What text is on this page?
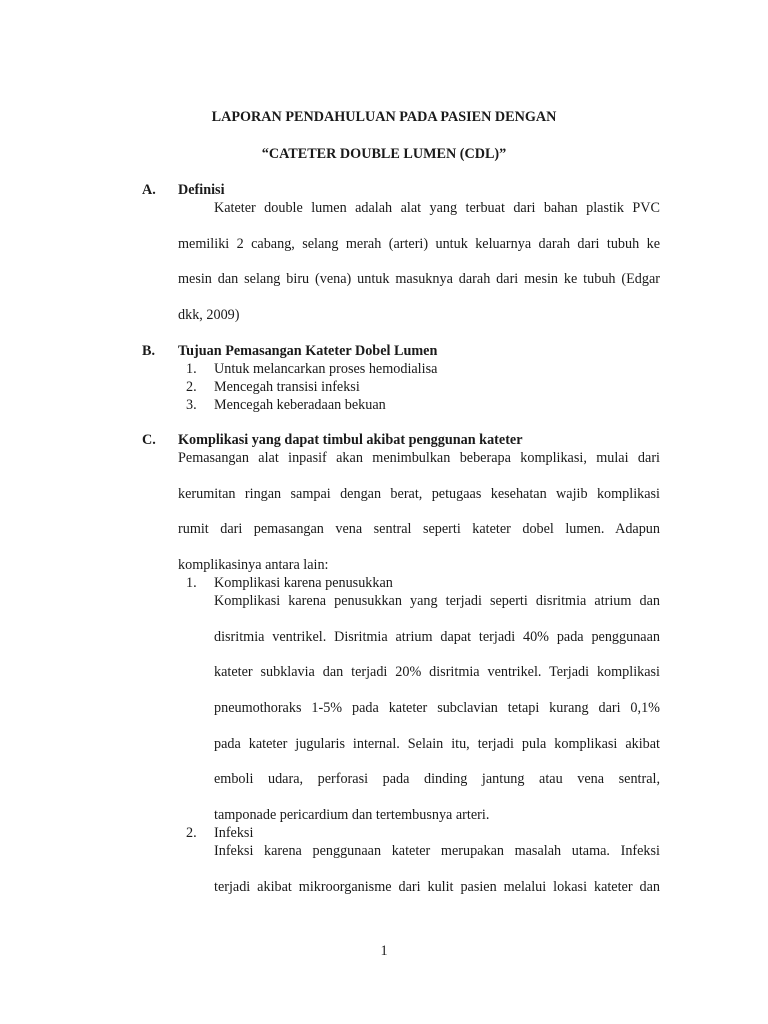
LAPORAN PENDAHULUAN PADA PASIEN DENGAN
“CATETER DOUBLE LUMEN (CDL)”
A. Definisi
Kateter double lumen adalah alat yang terbuat dari bahan plastik PVC
memiliki 2 cabang, selang merah (arteri) untuk keluarnya darah dari tubuh ke
mesin dan selang biru (vena) untuk masuknya darah dari mesin ke tubuh (Edgar
dkk, 2009)
B. Tujuan Pemasangan Kateter Dobel Lumen
1. Untuk melancarkan proses hemodialisa
2. Mencegah transisi infeksi
3. Mencegah keberadaan bekuan
C. Komplikasi yang dapat timbul akibat penggunan kateter
Pemasangan alat inpasif akan menimbulkan beberapa komplikasi, mulai dari
kerumitan ringan sampai dengan berat, petugaas kesehatan wajib komplikasi
rumit dari pemasangan vena sentral seperti kateter dobel lumen. Adapun
komplikasinya antara lain:
1. Komplikasi karena penusukkan
Komplikasi karena penusukkan yang terjadi seperti disritmia atrium dan
disritmia ventrikel. Disritmia atrium dapat terjadi 40% pada penggunaan
kateter subklavia dan terjadi 20% disritmia ventrikel. Terjadi komplikasi
pneumothoraks 1-5% pada kateter subclavian tetapi kurang dari 0,1%
pada kateter jugularis internal. Selain itu, terjadi pula komplikasi akibat
emboli udara, perforasi pada dinding jantung atau vena sentral,
tamponade pericardium dan tertembusnya arteri.
2. Infeksi
Infeksi karena penggunaan kateter merupakan masalah utama. Infeksi
terjadi akibat mikroorganisme dari kulit pasien melalui lokasi kateter dan
1
